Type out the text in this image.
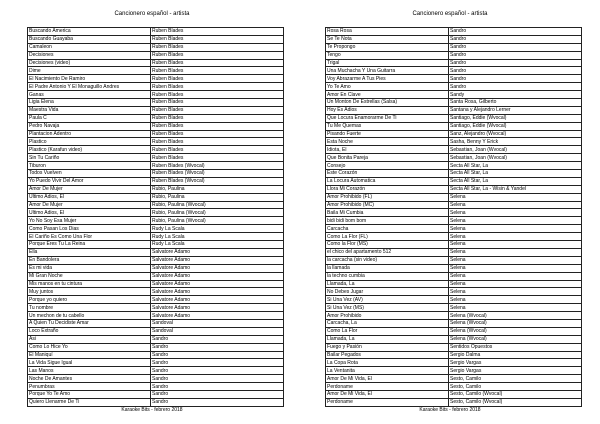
Cancionero español - artista
Buscando America	Ruben Blades
Buscando Guayaba	Ruben Blades
Camaleon	Ruben Blades
Decisiones	Ruben Blades
Decisiones (video)	Ruben Blades
Dime	Ruben Blades
El Nacimiento De Ramiro	Ruben Blades
El Padre Antonio Y El Monaguillo Andres	Ruben Blades
Ganas	Ruben Blades
Ligia Elena	Ruben Blades
Maestra Vida	Ruben Blades
Paula C	Ruben Blades
Pedro Navaja	Ruben Blades
Plantacion Adentro	Ruben Blades
Plastico	Ruben Blades
Plastico (Karafun video)	Ruben Blades
Sin Tu Cariño	Ruben Blades
Tiburon	Ruben Blades (Wvocal)
Todos Vuelven	Ruben Blades (Wvocal)
Yo Puedo Vivir Del Amor	Ruben Blades (Wvocal)
Amor De Mujer	Rubio, Paulina
Ultimo Adios, El	Rubio, Paulina
Amor De Mujer	Rubio, Paulina (Wvocal)
Ultimo Adios, El	Rubio, Paulina (Wvocal)
Yo No Soy Esa Mujer	Rubio, Paulina (Wvocal)
Como Pasan Los Dias	Rudy La Scala
El Cariño Es Como Una Flor	Rudy La Scala
Porque Eres Tu La Reina	Rudy La Scala
Ella	Salvatore Adamo
En Bandolera	Salvatore Adamo
Es mi vida	Salvatore Adamo
Mi Gran Noche	Salvatore Adamo
Mis manos en tu cintura	Salvatore Adamo
Muy juntos	Salvatore Adamo
Porque yo quiero	Salvatore Adamo
Tu nombre	Salvatore Adamo
Un mechon de tu cabello	Salvatore Adamo
A Quien Tu Decidiste Amar	Sandoval
Loco Extraño	Sandoval
Asi	Sandro
Como Lo Hice Yo	Sandro
El Maniquí	Sandro
La Vida Sigue Igual	Sandro
Las Manos	Sandro
Noche De Amantes	Sandro
Penumbras	Sandro
Porque Yo Te Amo	Sandro
Quiero Llenarme De Ti	Sandro
Karaoke Bits - febrero 2018
Cancionero español - artista
Rosa Rosa	Sandro
Se Te Nota	Sandro
Te Propongo	Sandro
Tengo	Sandro
Trigal	Sandro
Una Muchacha Y Una Guitarra	Sandro
Voy Abrazarme A Tus Pies	Sandro
Yo Te Amo	Sandro
Amor En Clave	Sandy
Un Monton De Estrellas (Salsa)	Santa Rosa, Gilberto
Hoy Es Adios	Santana y Alejandro Lerner
Que Locura Enamorarme De Ti	Santiago, Eddie (Wvocal)
Tu Me Quemas	Santiago, Eddie (Wvocal)
Pisando Fuerte	Sanz, Alejandro (Wvocal)
Esta Noche	Sasha, Benny Y Erick
Idiota, El	Sebastian, Joan (Wvocal)
Que Bonita Pareja	Sebastian, Joan (Wvocal)
Consejo	Secta All Star, La
Este Corazón	Secta All Star, La
La Locura Automatica	Secta All Star, La
Llora Mi Corazón	Secta All Star, La - Wisin & Yandel
Amor Prohibido (FL)	Selena
Amor Prohibido (MC)	Selena
Baila Mi Cumbia	Selena
bidi bidi bom bom	Selena
Carcacha	Selena
Como La Flor (FL)	Selena
Como la Flor (MS)	Selena
el chico del apartamento 512	Selena
la carcacha (sin video)	Selena
la llamada	Selena
la techno cumbia	Selena
Llamada, La	Selena
No Debes Jugar	Selena
Si Una Vez (AV)	Selena
Si Una Vez (MS)	Selena
Amor Prohibido	Selena (Wvocal)
Carcacha, La	Selena (Wvocal)
Como La Flor	Selena (Wvocal)
Llamada, La	Selena (Wvocal)
Fuego y Pasión	Sentidos Opuestos
Bailar Pegados	Sergio Dalma
La Copa Rota	Sergio Vargas
La Ventanita	Sergio Vargas
Amor De Mi Vida, El	Sesto, Camilo
Perdoname	Sesto, Camilo
Amor De Mi Vida, El	Sesto, Camilo (Wvocal)
Perdoname	Sesto, Camilo (Wvocal)
Karaoke Bits - febrero 2018
